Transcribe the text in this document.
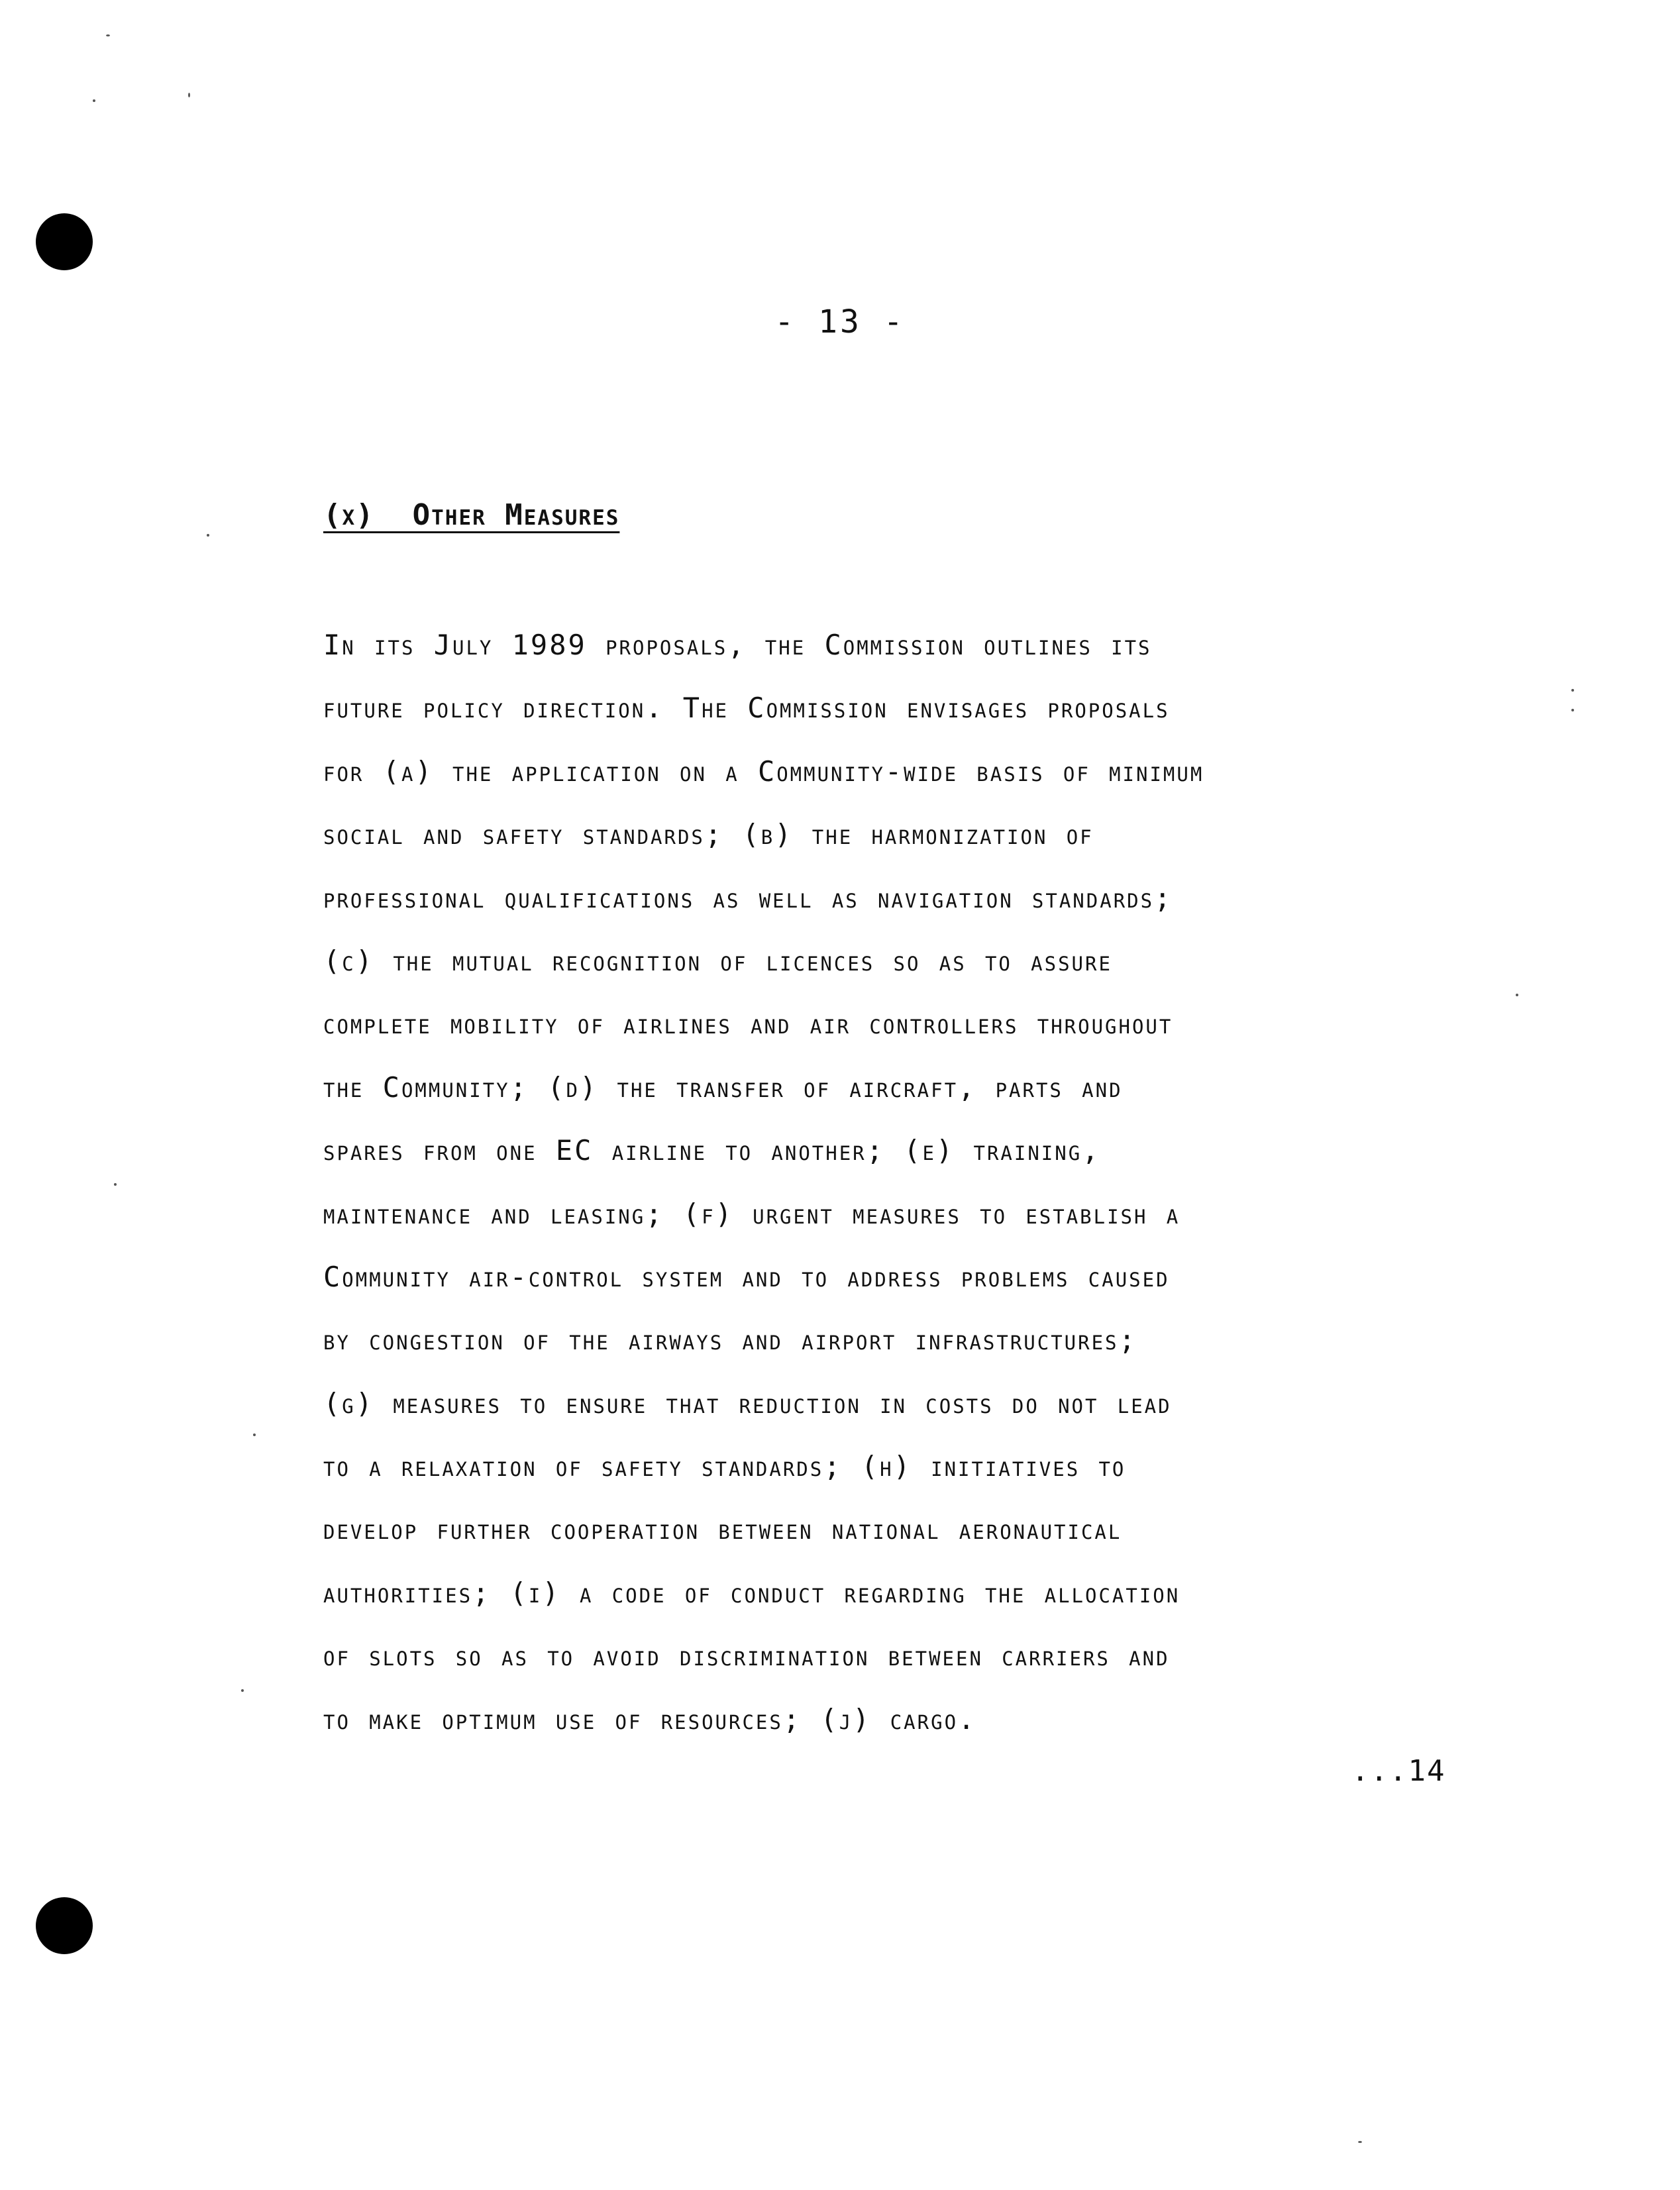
- 13 -
(x)  Other Measures
In its July 1989 proposals, the Commission outlines its
future policy direction. The Commission envisages proposals
for (a) the application on a Community-wide basis of minimum
social and safety standards; (b) the harmonization of
professional qualifications as well as navigation standards;
(c) the mutual recognition of licences so as to assure
complete mobility of airlines and air controllers throughout
the Community; (d) the transfer of aircraft, parts and
spares from one EC airline to another; (e) training,
maintenance and leasing; (f) urgent measures to establish a
Community air-control system and to address problems caused
by congestion of the airways and airport infrastructures;
(g) measures to ensure that reduction in costs do not lead
to a relaxation of safety standards; (h) initiatives to
develop further cooperation between national aeronautical
authorities; (i) a code of conduct regarding the allocation
of slots so as to avoid discrimination between carriers and
to make optimum use of resources; (j) cargo.
...14
